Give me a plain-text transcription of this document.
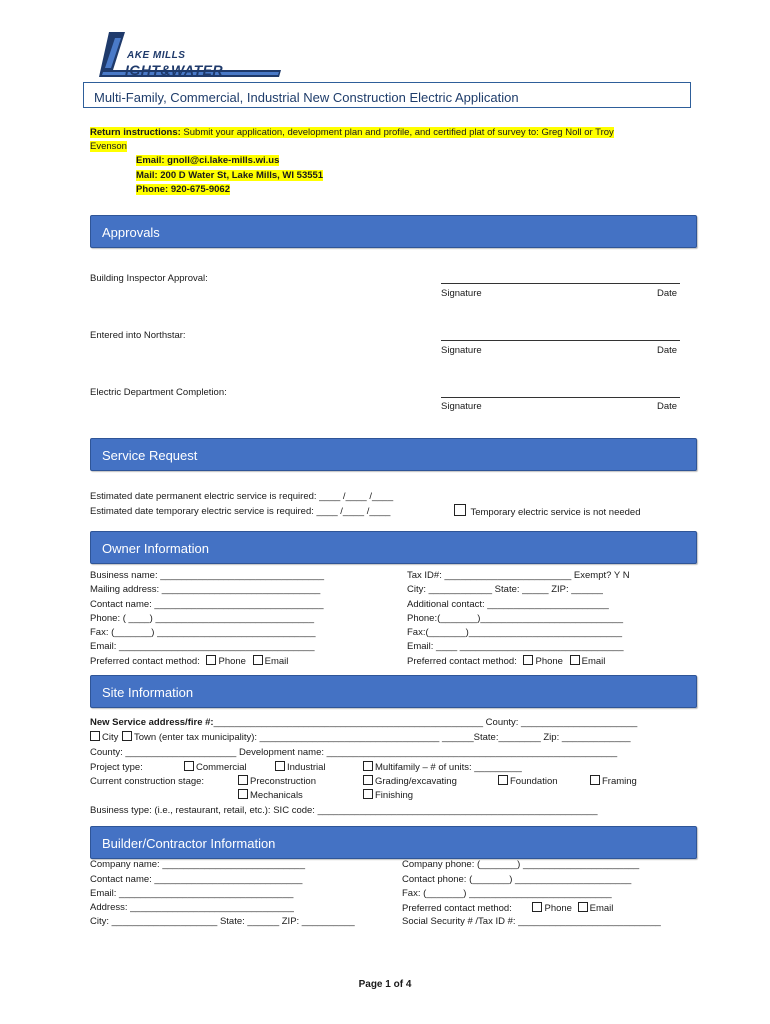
AKE MILLS
IGHT&WATER
Multi-Family, Commercial, Industrial New Construction Electric Application
Return instructions: Submit your application, development plan and profile, and certified plat of survey to: Greg Noll or Troy
Evenson
Email: gnoll@ci.lake-mills.wi.us
Mail: 200 D Water St, Lake Mills, WI 53551
Phone: 920-675-9062
Approvals
Building Inspector Approval:
Signature	Date
Entered into Northstar:
Signature	Date
Electric Department Completion:
Signature	Date
Service Request
Estimated date permanent electric service is required: ____ /____ /____
Estimated date temporary electric service is required: ____ /____ /____	Temporary electric service is not needed
Owner Information
Business name: _______________________________
Mailing address: ______________________________
Contact name: ________________________________
Phone: ( ____) ______________________________
Fax: (_______) ______________________________
Email: _____________________________________
Preferred contact method: Phone Email
Tax ID#: ________________________ Exempt? Y N
City: ____________ State: _____ ZIP: ______
Additional contact: _______________________
Phone:(_______)___________________________
Fax:(_______)_____________________________
Email: ____ _______________________________
Preferred contact method: Phone Email
Site Information
New Service address/fire #:___________________________________________________ County: ______________________
City Town (enter tax municipality): __________________________________ ______State:________ Zip: _____________
County: _____________________ Development name: _______________________________________________________
Project type:	Commercial	Industrial	Multifamily – # of units: _________
Current construction stage:	Preconstruction	Grading/excavating	Foundation	Framing
Mechanicals	Finishing
Business type: (i.e., restaurant, retail, etc.): SIC code: _____________________________________________________
Builder/Contractor Information
Company name: ___________________________
Contact name: ____________________________
Email: _________________________________
Address: _______________________________
City: ____________________ State: ______ ZIP: __________
Company phone: (_______) ______________________
Contact phone: (_______) ______________________
Fax: (_______) ___________________________
Preferred contact method:	Phone Email
Social Security # /Tax ID #: ___________________________
Page 1 of 4
